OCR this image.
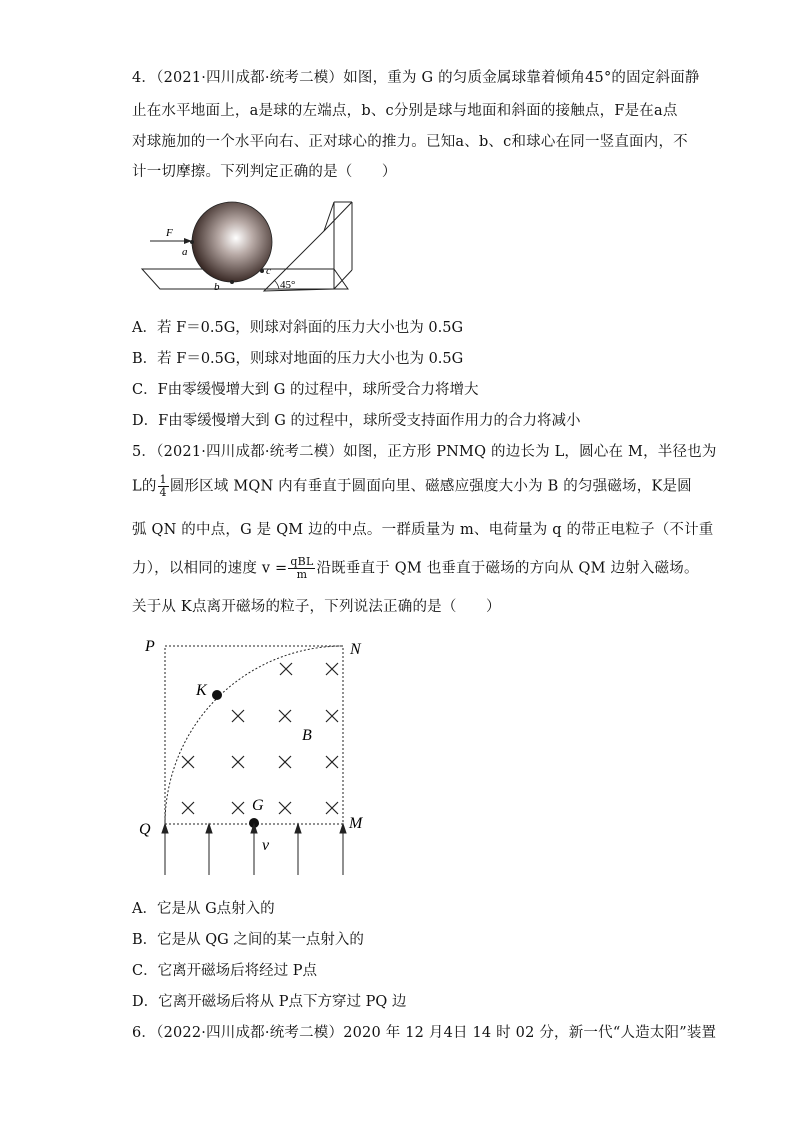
4．（2021·四川成都·统考二模）如图，重为 G 的匀质金属球靠着倾角45°的固定斜面静
止在水平地面上，a是球的左端点，b、c分别是球与地面和斜面的接触点，F是在a点
对球施加的一个水平向右、正对球心的推力。已知a、b、c和球心在同一竖直面内，不
计一切摩擦。下列判定正确的是（　　）
F
a
b
c
45°
A．若 F＝0.5G，则球对斜面的压力大小也为 0.5G
B．若 F＝0.5G，则球对地面的压力大小也为 0.5G
C．F由零缓慢增大到 G 的过程中，球所受合力将增大
D．F由零缓慢增大到 G 的过程中，球所受支持面作用力的合力将减小
5．（2021·四川成都·统考二模）如图，正方形 PNMQ 的边长为 L，圆心在 M，半径也为
L的 $\frac{1}{4}$ 圆形区域 MQN 内有垂直于圆面向里、磁感应强度大小为 B 的匀强磁场，K是圆
弧 QN 的中点，G 是 QM 边的中点。一群质量为 m、电荷量为 q 的带正电粒子（不计重
力），以相同的速度 $v = \frac{\text{qBL}}{m}$ 沿既垂直于 QM 也垂直于磁场的方向从 QM 边射入磁场。
关于从 K点离开磁场的粒子，下列说法正确的是（　　）
P	N
K
B
Q
G
M
v
A．它是从 G点射入的
B．它是从 QG 之间的某一点射入的
C．它离开磁场后将经过 P点
D．它离开磁场后将从 P点下方穿过 PQ 边
6．（2022·四川成都·统考二模）2020 年 12 月4日 14 时 02 分，新一代“人造太阳”装置
